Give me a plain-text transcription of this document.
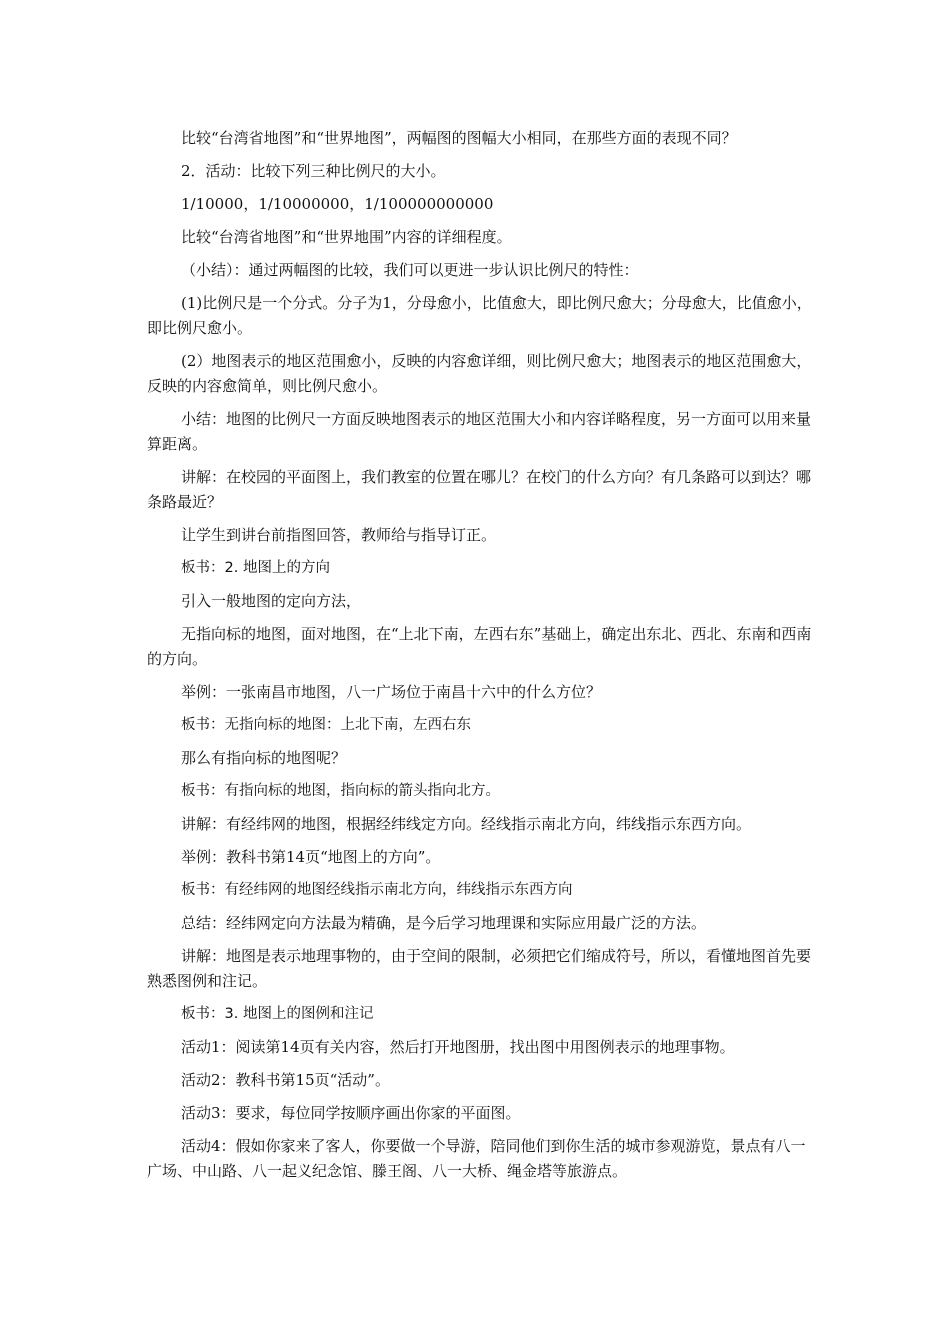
比较“台湾省地图”和“世界地图”，两幅图的图幅大小相同，在那些方面的表现不同？

2．活动：比较下列三种比例尺的大小。

1/10000，1/10000000，1/100000000000

比较“台湾省地图”和“世界地围”内容的详细程度。

（小结）：通过两幅图的比较，我们可以更进一步认识比例尺的特性：

(1)比例尺是一个分式。分子为1，分母愈小，比值愈大，即比例尺愈大；分母愈大，比值愈小，即比例尺愈小。

(2）地图表示的地区范围愈小，反映的内容愈详细，则比例尺愈大；地图表示的地区范围愈大，反映的内容愈简单，则比例尺愈小。

小结：地图的比例尺一方面反映地图表示的地区范围大小和内容详略程度，另一方面可以用来量算距离。

讲解：在校园的平面图上，我们教室的位置在哪儿？在校门的什么方向？有几条路可以到达？哪条路最近？

让学生到讲台前指图回答，教师给与指导订正。

板书：2. 地图上的方向

引入一般地图的定向方法，

无指向标的地图，面对地图，在“上北下南，左西右东”基础上，确定出东北、西北、东南和西南的方向。

举例：一张南昌市地图，八一广场位于南昌十六中的什么方位？

板书：无指向标的地图：上北下南，左西右东

那么有指向标的地图呢？

板书：有指向标的地图，指向标的箭头指向北方。

讲解：有经纬网的地图，根据经纬线定方向。经线指示南北方向，纬线指示东西方向。

举例：教科书第14页“地图上的方向”。

板书：有经纬网的地图经线指示南北方向，纬线指示东西方向

总结：经纬网定向方法最为精确，是今后学习地理课和实际应用最广泛的方法。

讲解：地图是表示地理事物的，由于空间的限制，必须把它们缩成符号，所以，看懂地图首先要熟悉图例和注记。

板书：3. 地图上的图例和注记

活动1：阅读第14页有关内容，然后打开地图册，找出图中用图例表示的地理事物。

活动2：教科书第15页“活动”。

活动3：要求，每位同学按顺序画出你家的平面图。

活动4：假如你家来了客人，你要做一个导游，陪同他们到你生活的城市参观游览，景点有八一广场、中山路、八一起义纪念馆、滕王阁、八一大桥、绳金塔等旅游点。
